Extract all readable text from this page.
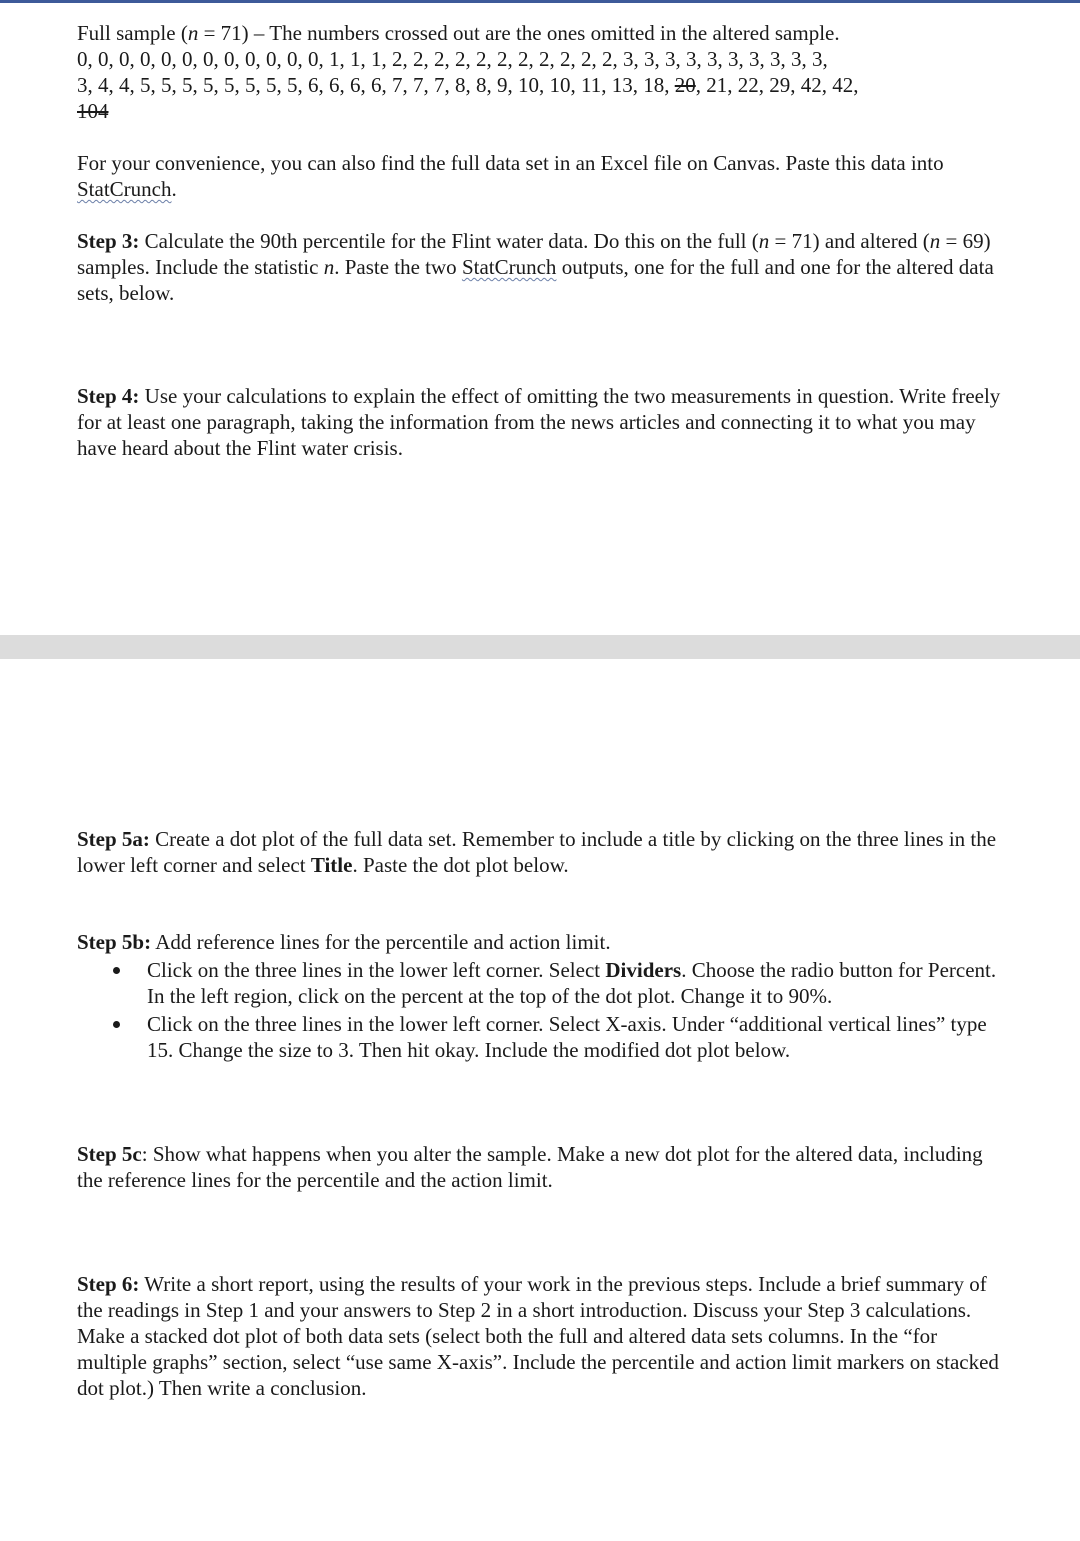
Full sample (n = 71) – The numbers crossed out are the ones omitted in the altered sample.
0, 0, 0, 0, 0, 0, 0, 0, 0, 0, 0, 0, 1, 1, 1, 2, 2, 2, 2, 2, 2, 2, 2, 2, 2, 2, 3, 3, 3, 3, 3, 3, 3, 3, 3, 3,
3, 4, 4, 5, 5, 5, 5, 5, 5, 5, 5, 6, 6, 6, 6, 7, 7, 7, 8, 8, 9, 10, 10, 11, 13, 18, 20, 21, 22, 29, 42, 42,
104

For your convenience, you can also find the full data set in an Excel file on Canvas. Paste this data into StatCrunch.

Step 3: Calculate the 90th percentile for the Flint water data. Do this on the full (n = 71) and altered (n = 69) samples. Include the statistic n. Paste the two StatCrunch outputs, one for the full and one for the altered data sets, below.

Step 4: Use your calculations to explain the effect of omitting the two measurements in question. Write freely for at least one paragraph, taking the information from the news articles and connecting it to what you may have heard about the Flint water crisis.

Step 5a: Create a dot plot of the full data set. Remember to include a title by clicking on the three lines in the lower left corner and select Title. Paste the dot plot below.

Step 5b: Add reference lines for the percentile and action limit.

Click on the three lines in the lower left corner. Select Dividers. Choose the radio button for Percent. In the left region, click on the percent at the top of the dot plot. Change it to 90%.
Click on the three lines in the lower left corner. Select X-axis. Under “additional vertical lines” type 15. Change the size to 3. Then hit okay. Include the modified dot plot below.

Step 5c: Show what happens when you alter the sample. Make a new dot plot for the altered data, including the reference lines for the percentile and the action limit.

Step 6: Write a short report, using the results of your work in the previous steps. Include a brief summary of the readings in Step 1 and your answers to Step 2 in a short introduction. Discuss your Step 3 calculations. Make a stacked dot plot of both data sets (select both the full and altered data sets columns. In the “for multiple graphs” section, select “use same X-axis”. Include the percentile and action limit markers on stacked dot plot.) Then write a conclusion.
